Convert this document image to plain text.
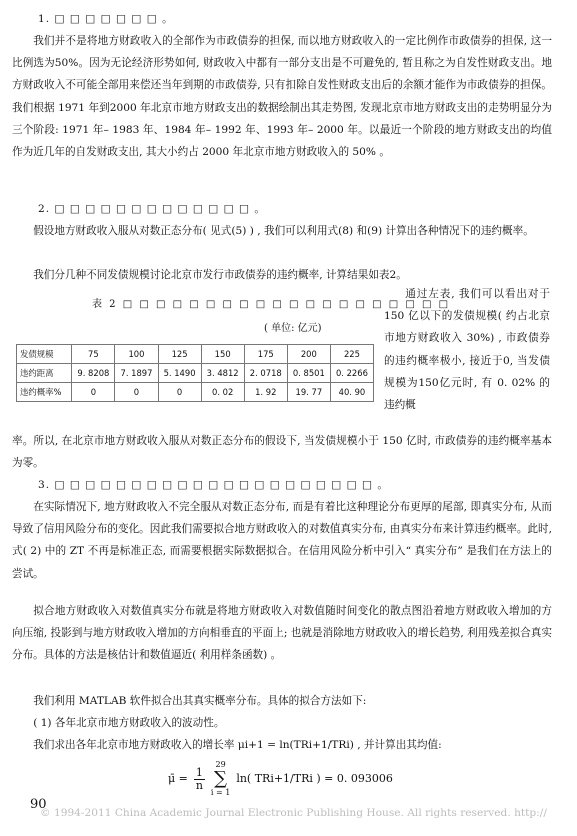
1. □ □ □ □ □ □ □ 。

我们并不是将地方财政收入的全部作为市政债券的担保, 而以地方财政收入的一定比例作市政债券的担保, 这一比例选为50%。因为无论经济形势如何, 财政收入中都有一部分支出是不可避免的, 暂且称之为自发性财政支出。地方财政收入不可能全部用来偿还当年到期的市政债券, 只有扣除自发性财政支出后的余额才能作为市政债券的担保。我们根据 1971 年到2000 年北京市地方财政支出的数据绘制出其走势图, 发现北京市地方财政支出的走势明显分为三个阶段: 1971 年– 1983 年、1984 年– 1992 年、1993 年– 2000 年。以最近一个阶段的地方财政支出的均值作为近几年的自发财政支出, 其大小约占 2000 年北京市地方财政收入的 50% 。

2. □ □ □ □ □ □ □ □ □ □ □ □ □ 。

假设地方财政收入服从对数正态分布( 见式(5) ) , 我们可以利用式(8) 和(9) 计算出各种情况下的违约概率。

我们分几种不同发债规模讨论北京市发行市政债券的违约概率, 计算结果如表2。

表 2 □ □ □ □ □ □ □ □ □ □ □ □ □ □ □ □ □ □ □ □

( 单位: 亿元)

发债规模	75	100	125	150	175	200	225
违约距离	9. 8208	7. 1897	5. 1490	3. 4812	2. 0718	0. 8501	0. 2266
违约概率%	0	0	0	0. 02	1. 92	19. 77	40. 90

通过左表, 我们可以看出对于150 亿以下的发债规模( 约占北京市地方财政收入 30%) , 市政债券的违约概率极小, 接近于0, 当发债规模为150亿元时, 有 0. 02% 的违约概

率。所以, 在北京市地方财政收入服从对数正态分布的假设下, 当发债规模小于 150 亿时, 市政债券的违约概率基本为零。

3. □ □ □ □ □ □ □ □ □ □ □ □ □ □ □ □ □ □ □ □ □ 。

在实际情况下, 地方财政收入不完全服从对数正态分布, 而是有着比这种理论分布更厚的尾部, 即真实分布, 从而导致了信用风险分布的变化。因此我们需要拟合地方财政收入的对数值真实分布, 由真实分布来计算违约概率。此时, 式( 2) 中的 ZT 不再是标准正态, 而需要根据实际数据拟合。在信用风险分析中引入“ 真实分布” 是我们在方法上的尝试。

拟合地方财政收入对数值真实分布就是将地方财政收入对数值随时间变化的散点图沿着地方财政收入增加的方向压缩, 投影到与地方财政收入增加的方向相垂直的平面上; 也就是消除地方财政收入的增长趋势, 利用残差拟合真实分布。具体的方法是核估计和数值逼近( 利用样条函数) 。

我们利用 MATLAB 软件拟合出其真实概率分布。具体的拟合方法如下:

( 1) 各年北京市地方财政收入的波动性。

我们求出各年北京市地方财政收入的增长率 μi+1 = ln(TRi+1/TRi) , 并计算出其均值:

μ̄ = $\frac{1}{n}$
29
∑
i = 1
ln( TRi+1/TRi ) = 0. 093006

90

© 1994-2011 China Academic Journal Electronic Publishing House. All rights reserved. http://
